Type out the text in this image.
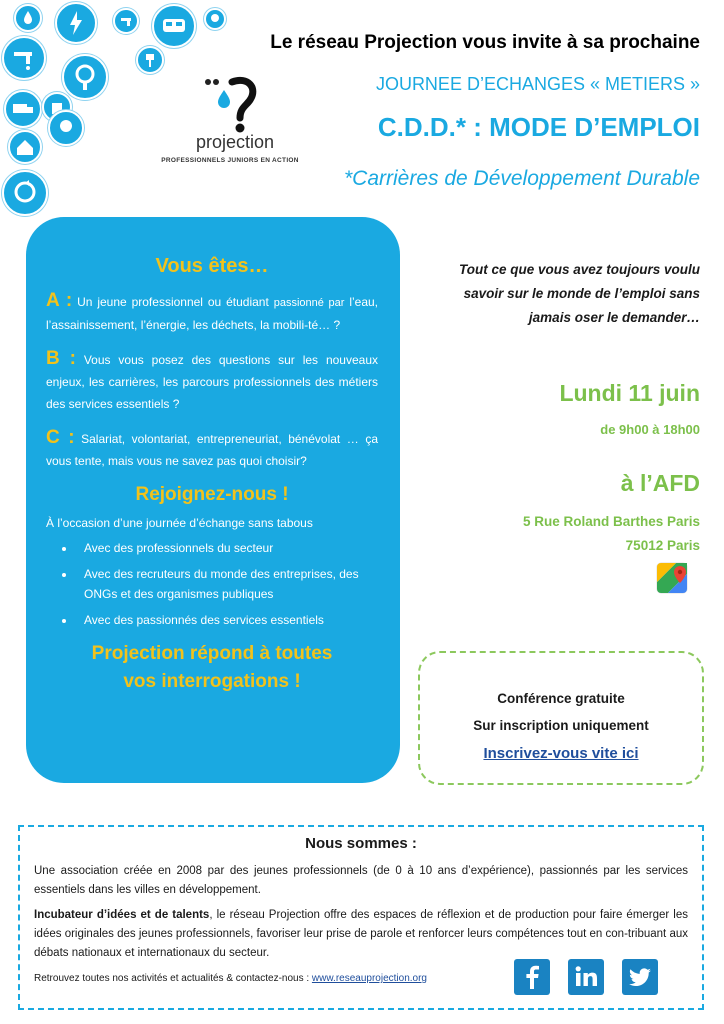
projection
PROFESSIONNELS JUNIORS EN ACTION
Le réseau Projection vous invite à sa prochaine
JOURNEE D’ECHANGES « METIERS »
C.D.D.* : MODE D’EMPLOI
*Carrières de Développement Durable
Vous êtes…
A : Un jeune professionnel ou étudiant passionné par l’eau, l’assainissement, l’énergie, les déchets, la mobili-té… ?
B : Vous vous posez des questions sur les nouveaux enjeux, les carrières, les parcours professionnels des métiers des services essentiels ?
C : Salariat, volontariat, entrepreneuriat, bénévolat … ça vous tente, mais vous ne savez pas quoi choisir?
Rejoignez-nous !
À l’occasion d’une journée d’échange sans tabous
• Avec des professionnels du secteur
• Avec des recruteurs du monde des entreprises, des ONGs et des organismes publiques
• Avec des passionnés des services essentiels
Projection répond à toutes
vos interrogations !
Tout ce que vous avez toujours voulu
savoir sur le monde de l’emploi sans
jamais oser le demander…
Lundi 11 juin
de 9h00 à 18h00
à l’AFD
5 Rue Roland Barthes Paris
75012 Paris
Conférence gratuite
Sur inscription uniquement
Inscrivez-vous vite ici
Nous sommes :

Une association créée en 2008 par des jeunes professionnels (de 0 à 10 ans d’expérience), passionnés par les services essentiels dans les villes en développement.

Incubateur d’idées et de talents, le réseau Projection offre des espaces de réflexion et de production pour faire émerger les idées originales des jeunes professionnels, favoriser leur prise de parole et renforcer leurs compétences tout en con-tribuant aux débats nationaux et internationaux du secteur.

Retrouvez toutes nos activités et actualités & contactez-nous : www.reseauprojection.org
